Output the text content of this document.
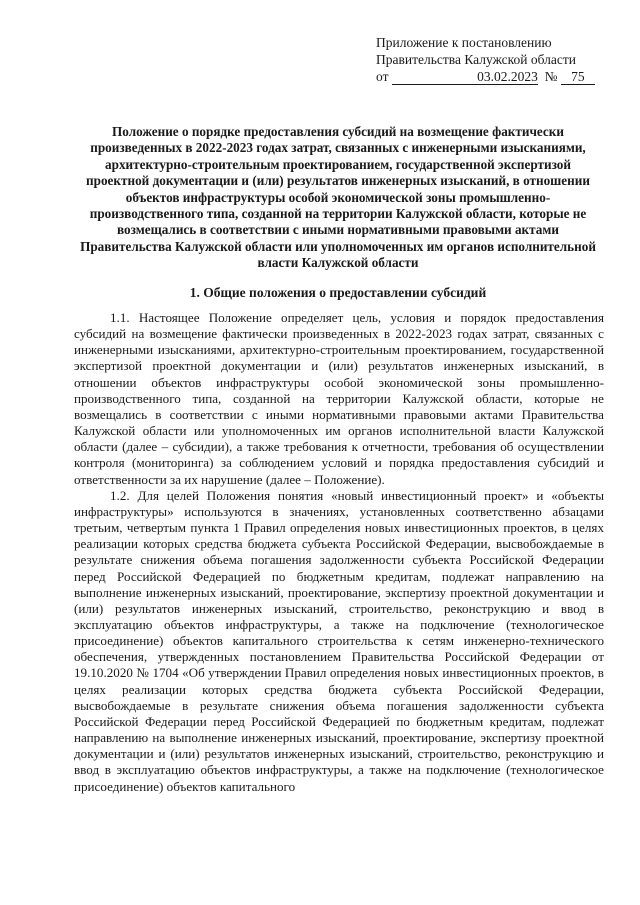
Приложение к постановлению
Правительства Калужской области
от	03.02.2023 № 75
Положение о порядке предоставления субсидий на возмещение фактически произведенных в 2022-2023 годах затрат, связанных с инженерными изысканиями, архитектурно-строительным проектированием, государственной экспертизой проектной документации и (или) результатов инженерных изысканий, в отношении объектов инфраструктуры особой экономической зоны промышленно-производственного типа, созданной на территории Калужской области, которые не возмещались в соответствии с иными нормативными правовыми актами Правительства Калужской области или уполномоченных им органов исполнительной власти Калужской области
1. Общие положения о предоставлении субсидий

1.1. Настоящее Положение определяет цель, условия и порядок предоставления субсидий на возмещение фактически произведенных в 2022-2023 годах затрат, связанных с инженерными изысканиями, архитектурно-строительным проектированием, государственной экспертизой проектной документации и (или) результатов инженерных изысканий, в отношении объектов инфраструктуры особой экономической зоны промышленно-производственного типа, созданной на территории Калужской области, которые не возмещались в соответствии с иными нормативными правовыми актами Правительства Калужской области или уполномоченных им органов исполнительной власти Калужской области (далее – субсидии), а также требования к отчетности, требования об осуществлении контроля (мониторинга) за соблюдением условий и порядка предоставления субсидий и ответственности за их нарушение (далее – Положение).

1.2. Для целей Положения понятия «новый инвестиционный проект» и «объекты инфраструктуры» используются в значениях, установленных соответственно абзацами третьим, четвертым пункта 1 Правил определения новых инвестиционных проектов, в целях реализации которых средства бюджета субъекта Российской Федерации, высвобождаемые в результате снижения объема погашения задолженности субъекта Российской Федерации перед Российской Федерацией по бюджетным кредитам, подлежат направлению на выполнение инженерных изысканий, проектирование, экспертизу проектной документации и (или) результатов инженерных изысканий, строительство, реконструкцию и ввод в эксплуатацию объектов инфраструктуры, а также на подключение (технологическое присоединение) объектов капитального строительства к сетям инженерно-технического обеспечения, утвержденных постановлением Правительства Российской Федерации от 19.10.2020 № 1704 «Об утверждении Правил определения новых инвестиционных проектов, в целях реализации которых средства бюджета субъекта Российской Федерации, высвобождаемые в результате снижения объема погашения задолженности субъекта Российской Федерации перед Российской Федерацией по бюджетным кредитам, подлежат направлению на выполнение инженерных изысканий, проектирование, экспертизу проектной документации и (или) результатов инженерных изысканий, строительство, реконструкцию и ввод в эксплуатацию объектов инфраструктуры, а также на подключение (технологическое присоединение) объектов капитального
